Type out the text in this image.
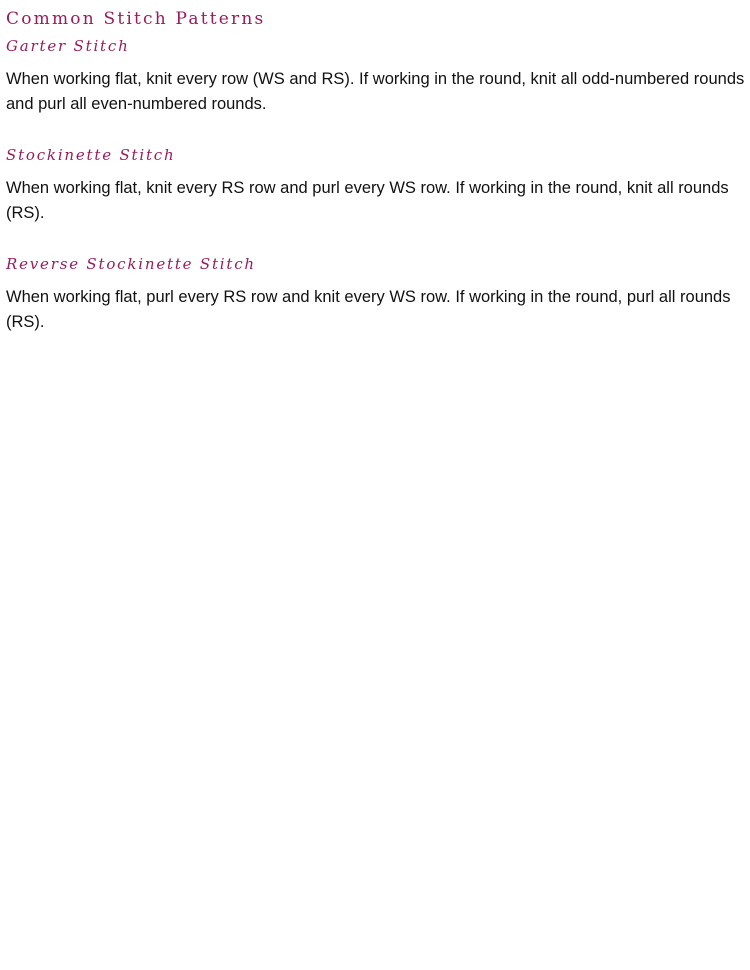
Common Stitch Patterns
Garter Stitch

When working flat, knit every row (WS and RS). If working in the round, knit all odd-numbered rounds and purl all even-numbered rounds.

Stockinette Stitch

When working flat, knit every RS row and purl every WS row. If working in the round, knit all rounds (RS).

Reverse Stockinette Stitch

When working flat, purl every RS row and knit every WS row. If working in the round, purl all rounds (RS).
